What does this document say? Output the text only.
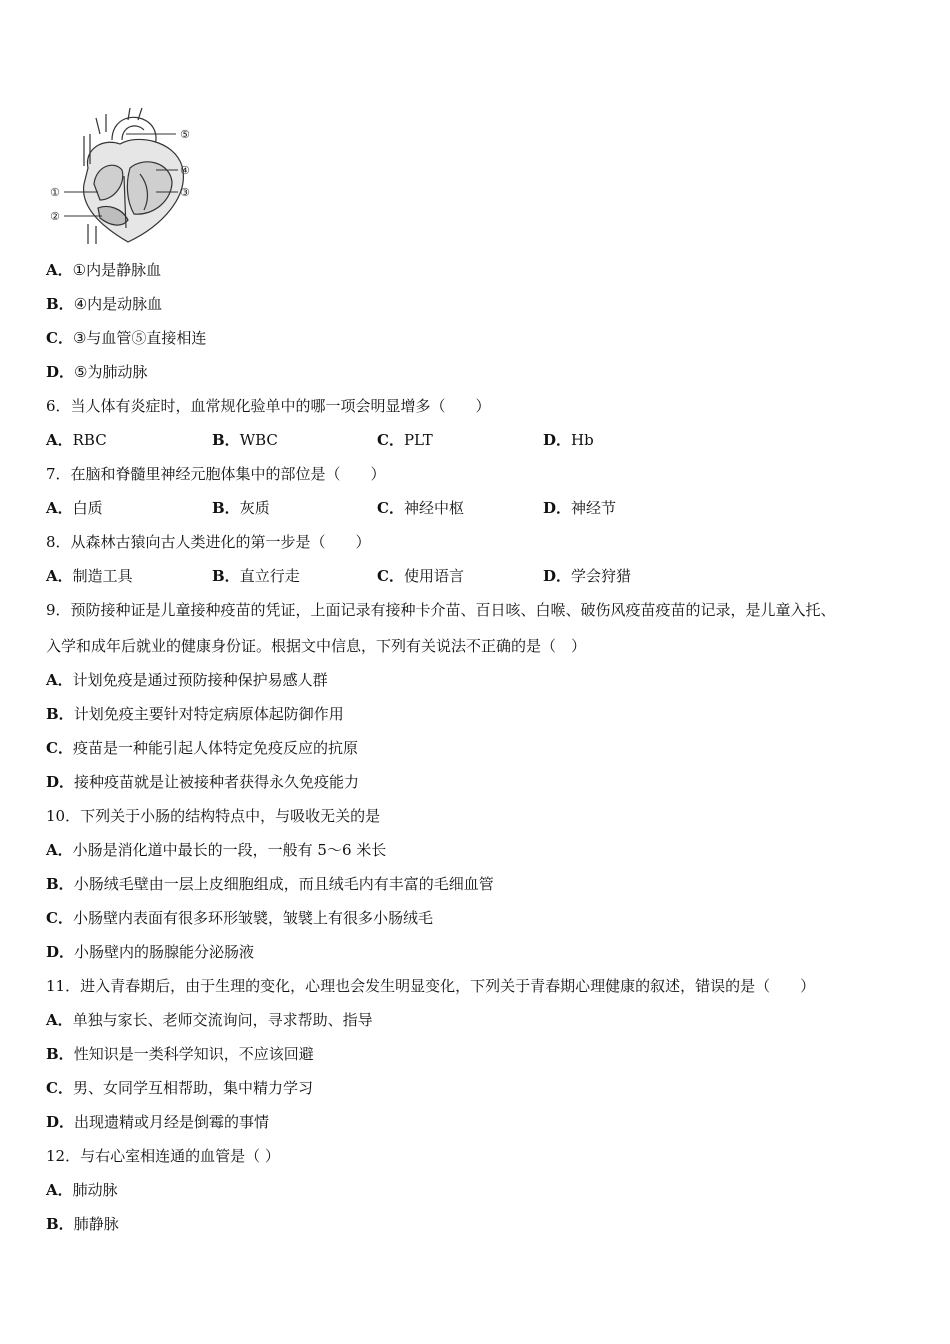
⑤
④
③
①
②
A．①内是静脉血
B．④内是动脉血
C．③与血管⑤直接相连
D．⑤为肺动脉
6．当人体有炎症时，血常规化验单中的哪一项会明显增多（　　）
A．RBC	B．WBC	C．PLT	D．Hb
7．在脑和脊髓里神经元胞体集中的部位是（　　）
A．白质	B．灰质	C．神经中枢	D．神经节
8．从森林古猿向古人类进化的第一步是（　　）
A．制造工具	B．直立行走	C．使用语言	D．学会狩猎
9．预防接种证是儿童接种疫苗的凭证，上面记录有接种卡介苗、百日咳、白喉、破伤风疫苗疫苗的记录，是儿童入托、
入学和成年后就业的健康身份证。根据文中信息，下列有关说法不正确的是（　）
A．计划免疫是通过预防接种保护易感人群
B．计划免疫主要针对特定病原体起防御作用
C．疫苗是一种能引起人体特定免疫反应的抗原
D．接种疫苗就是让被接种者获得永久免疫能力
10．下列关于小肠的结构特点中，与吸收无关的是
A．小肠是消化道中最长的一段，一般有 5～6 米长
B．小肠绒毛壁由一层上皮细胞组成，而且绒毛内有丰富的毛细血管
C．小肠壁内表面有很多环形皱襞，皱襞上有很多小肠绒毛
D．小肠壁内的肠腺能分泌肠液
11．进入青春期后，由于生理的变化，心理也会发生明显变化，下列关于青春期心理健康的叙述，错误的是（　　）
A．单独与家长、老师交流询问，寻求帮助、指导
B．性知识是一类科学知识，不应该回避
C．男、女同学互相帮助，集中精力学习
D．出现遗精或月经是倒霉的事情
12．与右心室相连通的血管是（ ）
A．肺动脉
B．肺静脉
